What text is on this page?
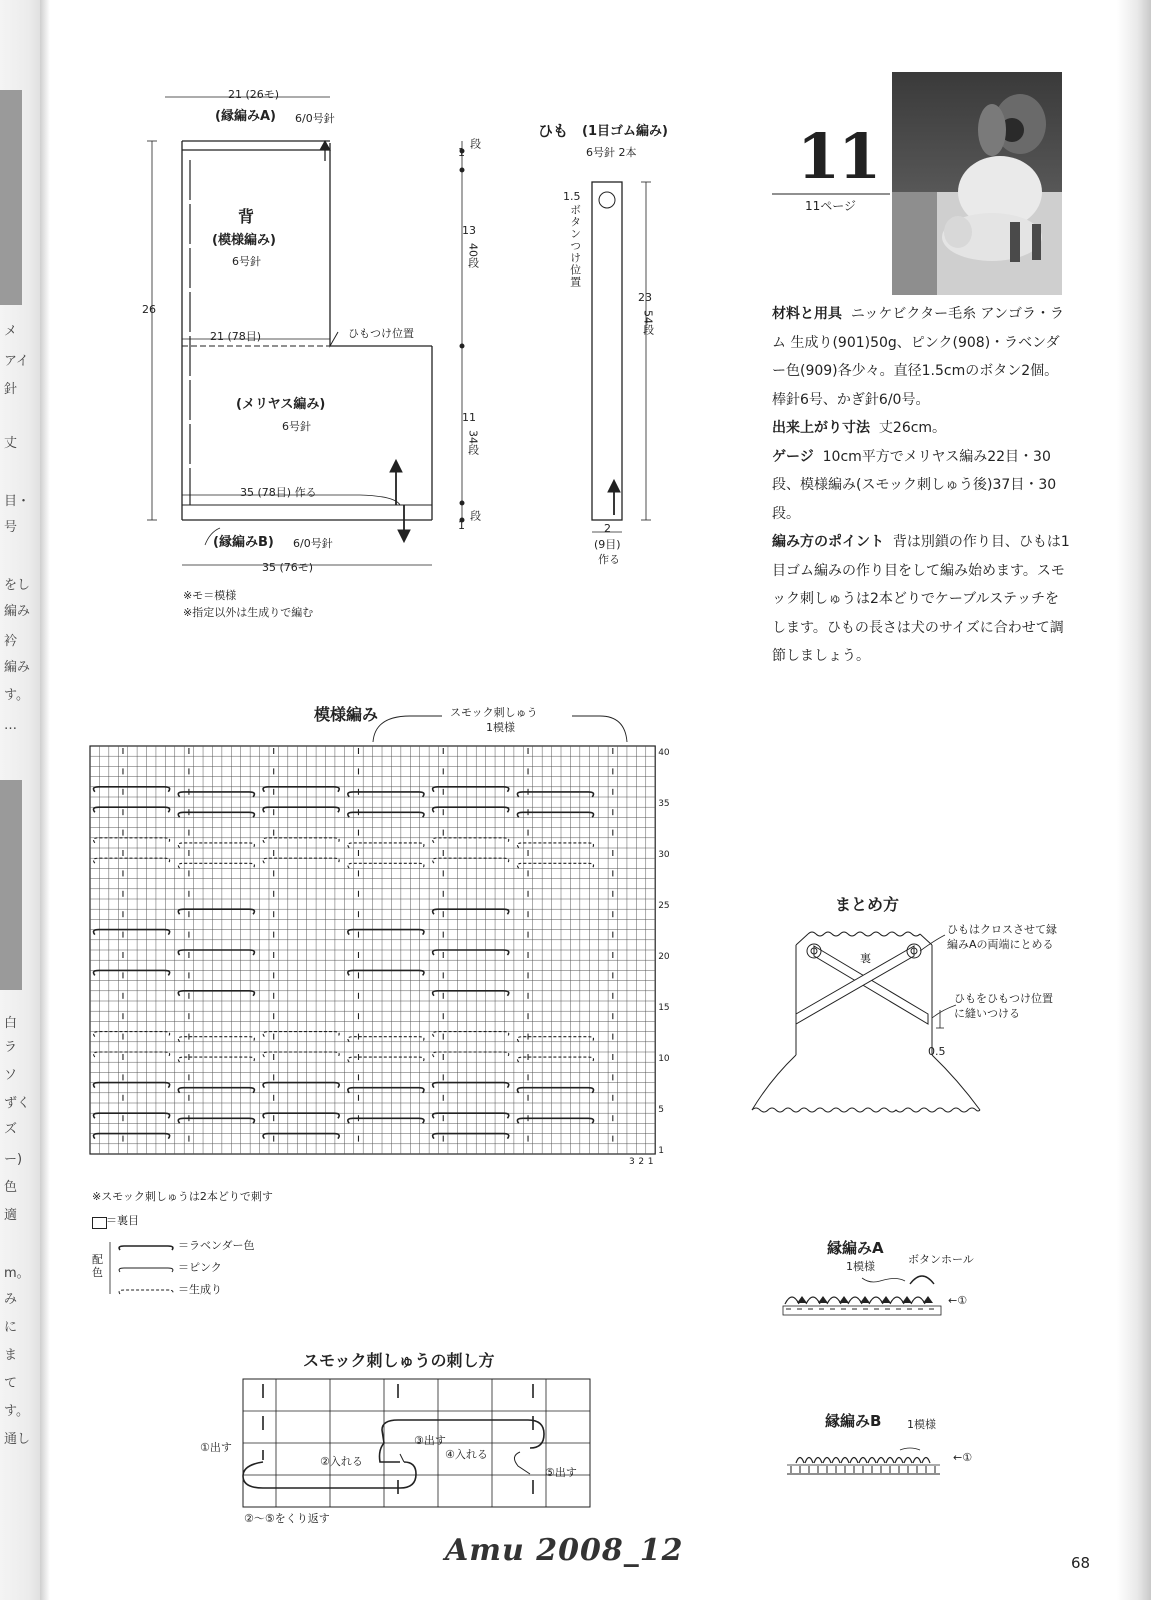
メ
アイ
針
丈
目・
号
をし
編み
衿
編み
す。
…
白
ラ
ソ
ずく
ズ
ー)
色
適
m。
み
に
ま
て
す。
通し
21 (26モ)
(縁編みA) 6/0号針
背
(模様編み)
6号針
26
21 (78目)	ひもつけ位置
(メリヤス編み)
6号針
35 (78目) 作る
(縁編みB) 6/0号針
35 (76モ)
※モ＝模様
※指定以外は生成りで編む
1
段
13
40段
11
34段
1
段
ひも (1目ゴム編み)
6号針 2本
1.5
ボタンつけ位置
23
54段
2
(9目)
作る
11
11ページ

材料と用具 ニッケビクター毛糸 アンゴラ・ラム 生成り(901)50g、ピンク(908)・ラベンダー色(909)各少々。直径1.5cmのボタン2個。棒針6号、かぎ針6/0号。

出来上がり寸法 丈26cm。

ゲージ 10cm平方でメリヤス編み22目・30段、模様編み(スモック刺しゅう後)37目・30段。

編み方のポイント 背は別鎖の作り目、ひもは1目ゴム編みの作り目をして編み始めます。スモック刺しゅうは2本どりでケーブルステッチをします。ひもの長さは犬のサイズに合わせて調節しましょう。

模様編み	スモック刺しゅう
1模様
40
35
30
25
20
15
10
5
1
3 2 1
※スモック刺しゅうは2本どりで刺す
＝裏目
配色
＝ラベンダー色
＝ピンク
＝生成り
スモック刺しゅうの刺し方
①出す
②入れる
③出す
④入れる
⑤出す
②〜⑤をくり返す
まとめ方
裏
ひもはクロスさせて縁編みAの両端にとめる
ひもをひもつけ位置に縫いつける
0.5
縁編みA
1模様
ボタンホール
←①
縁編みB 1模様
←①
Amu 2008_12	68
